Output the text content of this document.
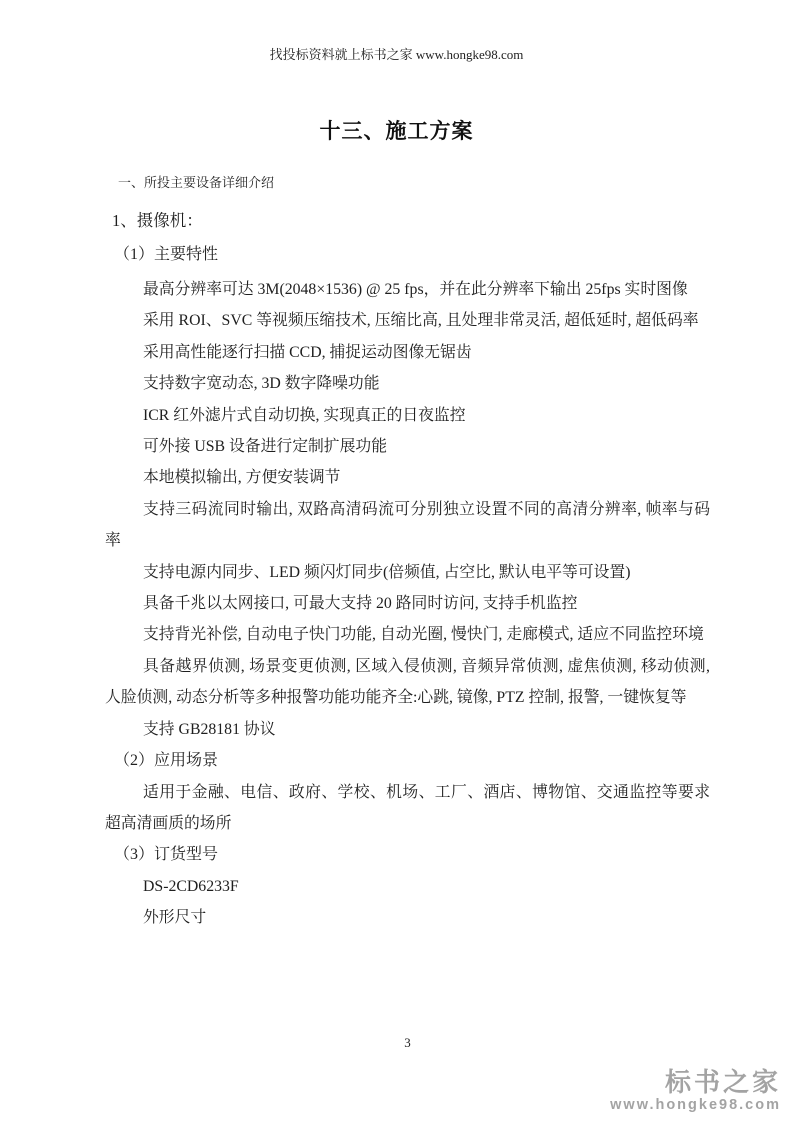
找投标资料就上标书之家 www.hongke98.com
十三、施工方案
一、所投主要设备详细介绍
1、摄像机：
（1）主要特性

最高分辨率可达 3M(2048×1536) @ 25 fps，并在此分辨率下输出 25fps 实时图像

采用 ROI、SVC 等视频压缩技术, 压缩比高, 且处理非常灵活, 超低延时, 超低码率

采用高性能逐行扫描 CCD, 捕捉运动图像无锯齿

支持数字宽动态, 3D 数字降噪功能

ICR 红外滤片式自动切换, 实现真正的日夜监控

可外接 USB 设备进行定制扩展功能

本地模拟输出, 方便安装调节

支持三码流同时输出, 双路高清码流可分别独立设置不同的高清分辨率, 帧率与码率

支持电源内同步、LED 频闪灯同步(倍频值, 占空比, 默认电平等可设置)

具备千兆以太网接口, 可最大支持 20 路同时访问, 支持手机监控

支持背光补偿, 自动电子快门功能, 自动光圈, 慢快门, 走廊模式, 适应不同监控环境

具备越界侦测, 场景变更侦测, 区域入侵侦测, 音频异常侦测, 虚焦侦测, 移动侦测, 人脸侦测, 动态分析等多种报警功能功能齐全:心跳, 镜像, PTZ 控制, 报警, 一键恢复等

支持 GB28181 协议

（2）应用场景

适用于金融、电信、政府、学校、机场、工厂、酒店、博物馆、交通监控等要求超高清画质的场所

（3）订货型号

DS-2CD6233F

外形尺寸

3
标书之家
www.hongke98.com
